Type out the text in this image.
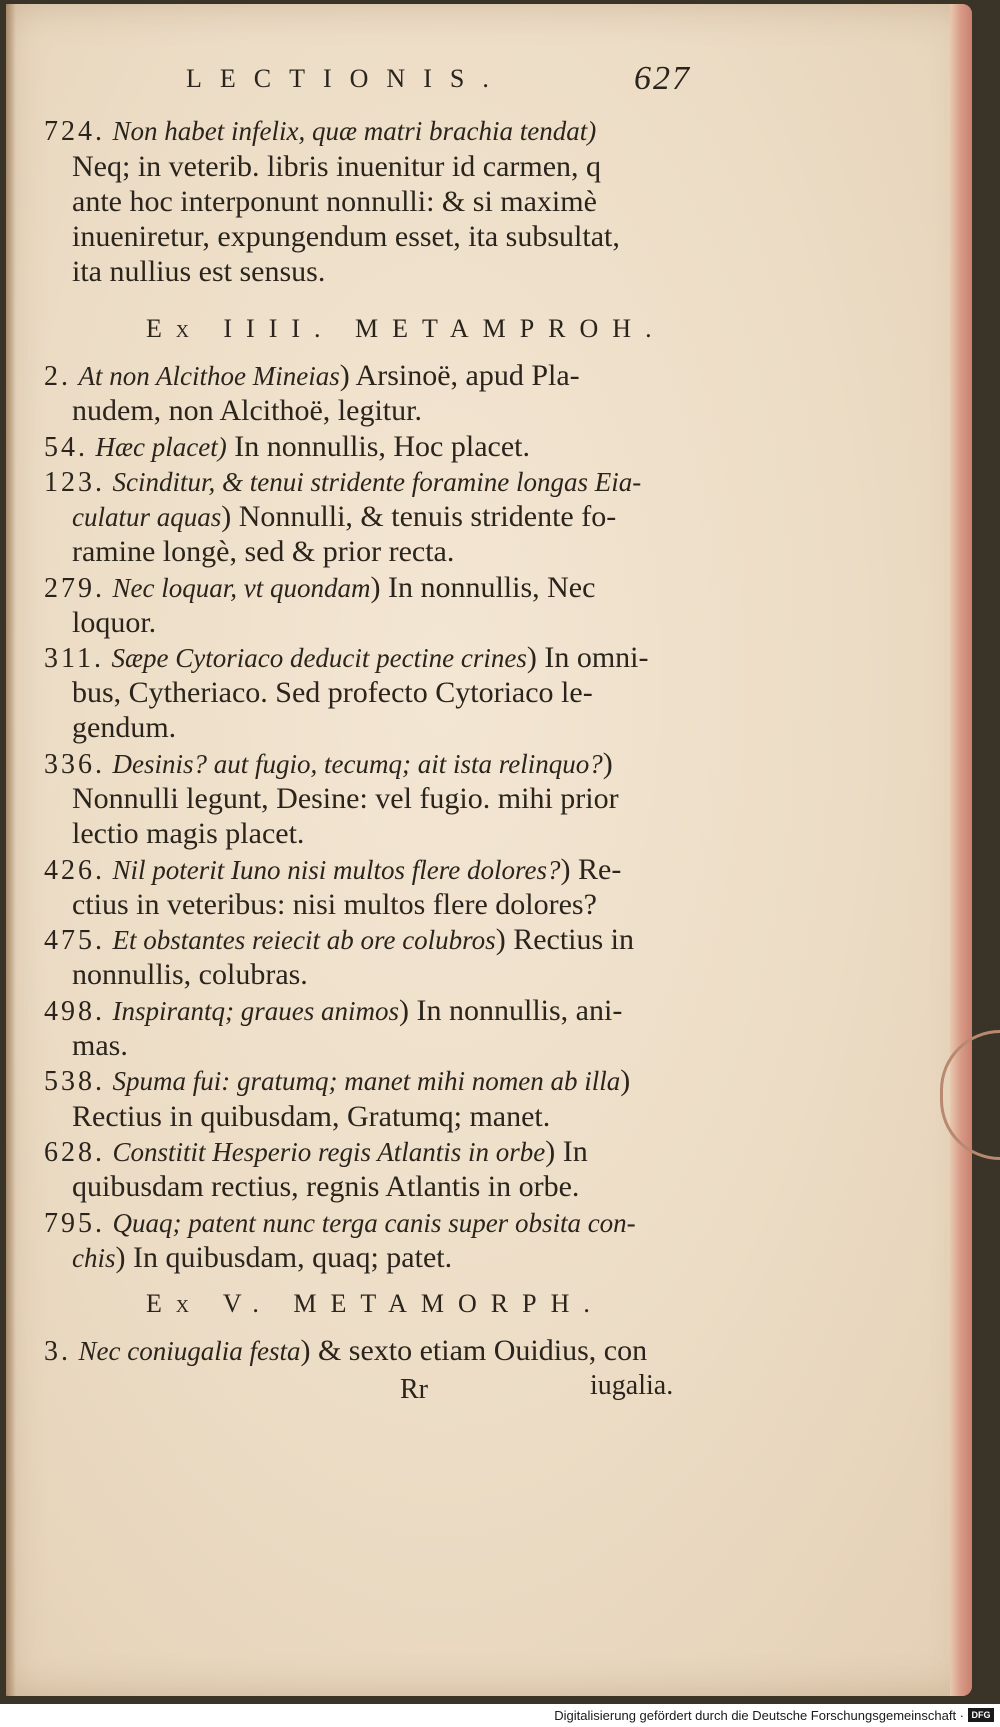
LECTIONIS.	627
724. Non habet infelix, quæ matri brachia tendat)
Neq; in veterib. libris inuenitur id carmen, q
ante hoc interponunt nonnulli: & si maximè
inueniretur, expungendum esset, ita subsultat,
ita nullius est sensus.
Ex IIII. METAMPROH.
2. At non Alcithoe Mineias) Arsinoë, apud Pla-
nudem, non Alcithoë, legitur.
54. Hæc placet) In nonnullis, Hoc placet.
123. Scinditur, & tenui stridente foramine longas Eia-
culatur aquas) Nonnulli, & tenuis stridente fo-
ramine longè, sed & prior recta.
279. Nec loquar, vt quondam) In nonnullis, Nec
loquor.
311. Sæpe Cytoriaco deducit pectine crines) In omni-
bus, Cytheriaco. Sed profecto Cytoriaco le-
gendum.
336. Desinis? aut fugio, tecumq; ait ista relinquo?)
Nonnulli legunt, Desine: vel fugio. mihi prior
lectio magis placet.
426. Nil poterit Iuno nisi multos flere dolores?) Re-
ctius in veteribus: nisi multos flere dolores?
475. Et obstantes reiecit ab ore colubros) Rectius in
nonnullis, colubras.
498. Inspirantq; graues animos) In nonnullis, ani-
mas.
538. Spuma fui: gratumq; manet mihi nomen ab illa)
Rectius in quibusdam, Gratumq; manet.
628. Constitit Hesperio regis Atlantis in orbe) In
quibusdam rectius, regnis Atlantis in orbe.
795. Quaq; patent nunc terga canis super obsita con-
chis) In quibusdam, quaq; patet.
Ex V. METAMORPH.
3. Nec coniugalia festa) & sexto etiam Ouidius, con
Rr	iugalia.
Digitalisierung gefördert durch die Deutsche Forschungsgemeinschaft · DFG
